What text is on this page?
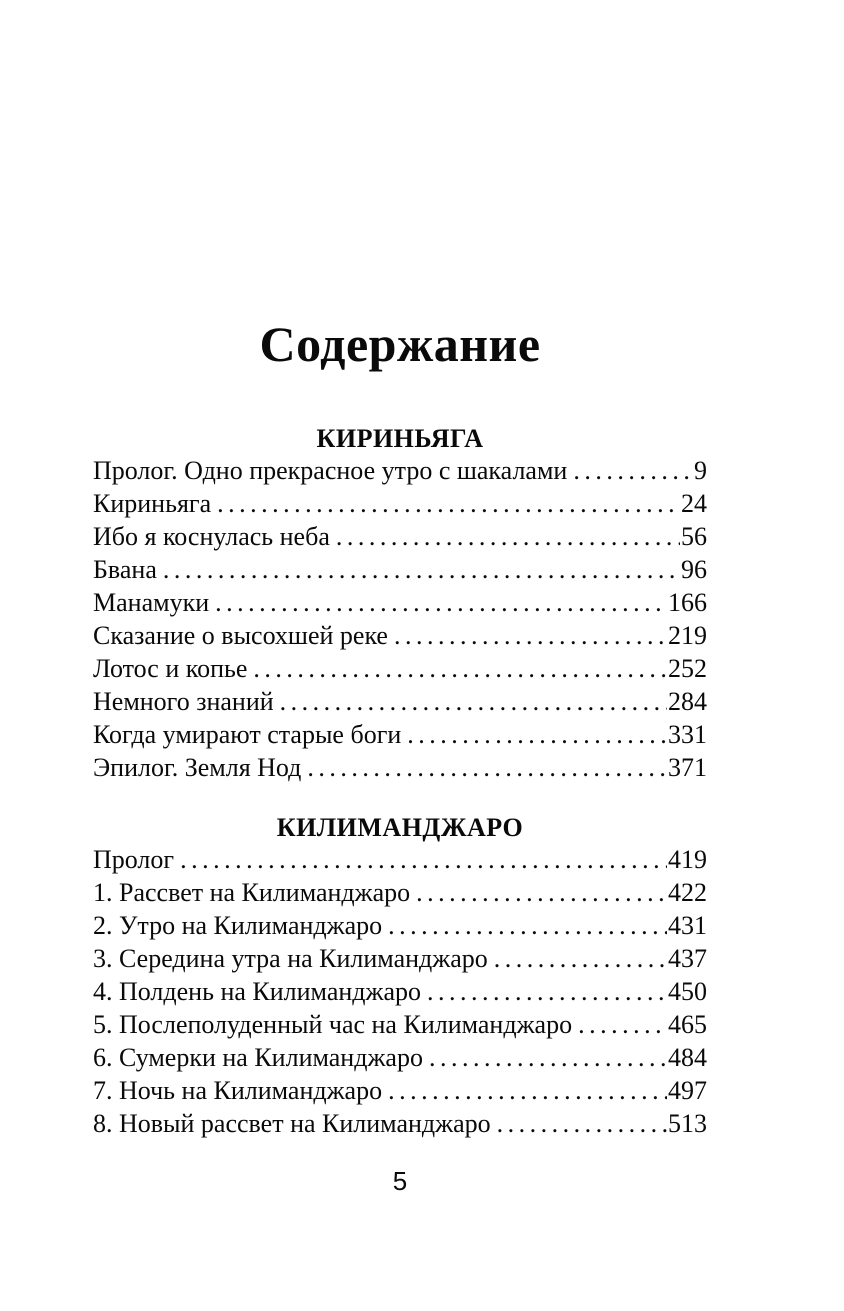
Содержание
КИРИНЬЯГА
Пролог. Одно прекрасное утро с шакалами .....	9
Кириньяга .....	24
Ибо я коснулась неба .....	56
Бвана .....	96
Манамуки .....	166
Сказание о высохшей реке .....	219
Лотос и копье .....	252
Немного знаний .....	284
Когда умирают старые боги .....	331
Эпилог. Земля Нод .....	371
КИЛИМАНДЖАРО
Пролог .....	419
1. Рассвет на Килиманджаро .....	422
2. Утро на Килиманджаро .....	431
3. Середина утра на Килиманджаро .....	437
4. Полдень на Килиманджаро .....	450
5. Послеполуденный час на Килиманджаро .....	465
6. Сумерки на Килиманджаро .....	484
7. Ночь на Килиманджаро .....	497
8. Новый рассвет на Килиманджаро .....	513
5
